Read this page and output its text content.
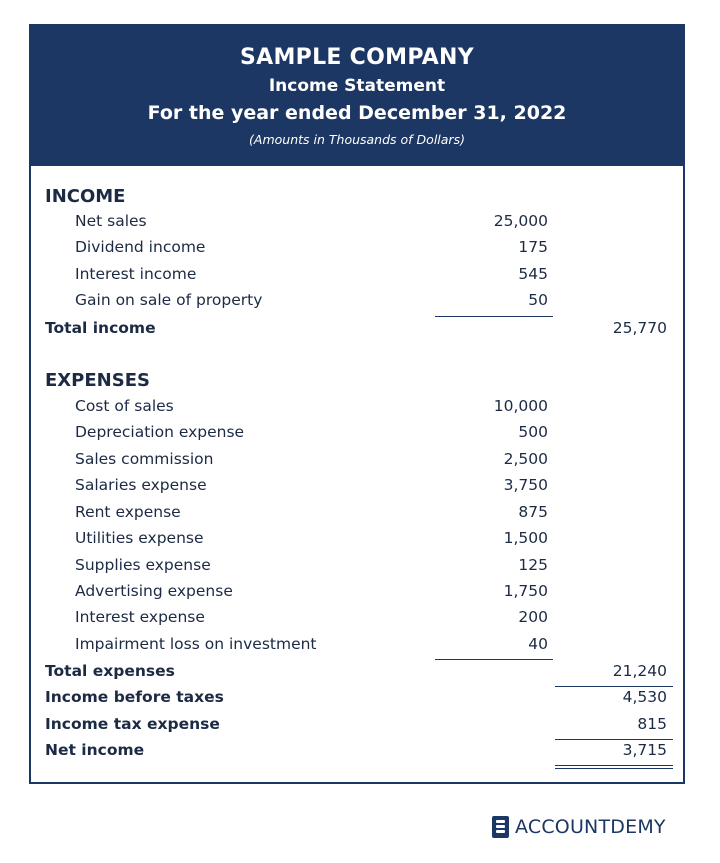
SAMPLE COMPANY
Income Statement
For the year ended December 31, 2022
(Amounts in Thousands of Dollars)
INCOME
Net sales	25,000
Dividend income	175
Interest income	545
Gain on sale of property	50
Total income	25,770
EXPENSES
Cost of sales	10,000
Depreciation expense	500
Sales commission	2,500
Salaries expense	3,750
Rent expense	875
Utilities expense	1,500
Supplies expense	125
Advertising expense	1,750
Interest expense	200
Impairment loss on investment	40
Total expenses	21,240
Income before taxes	4,530
Income tax expense	815
Net income	3,715
ACCOUNTDEMY
